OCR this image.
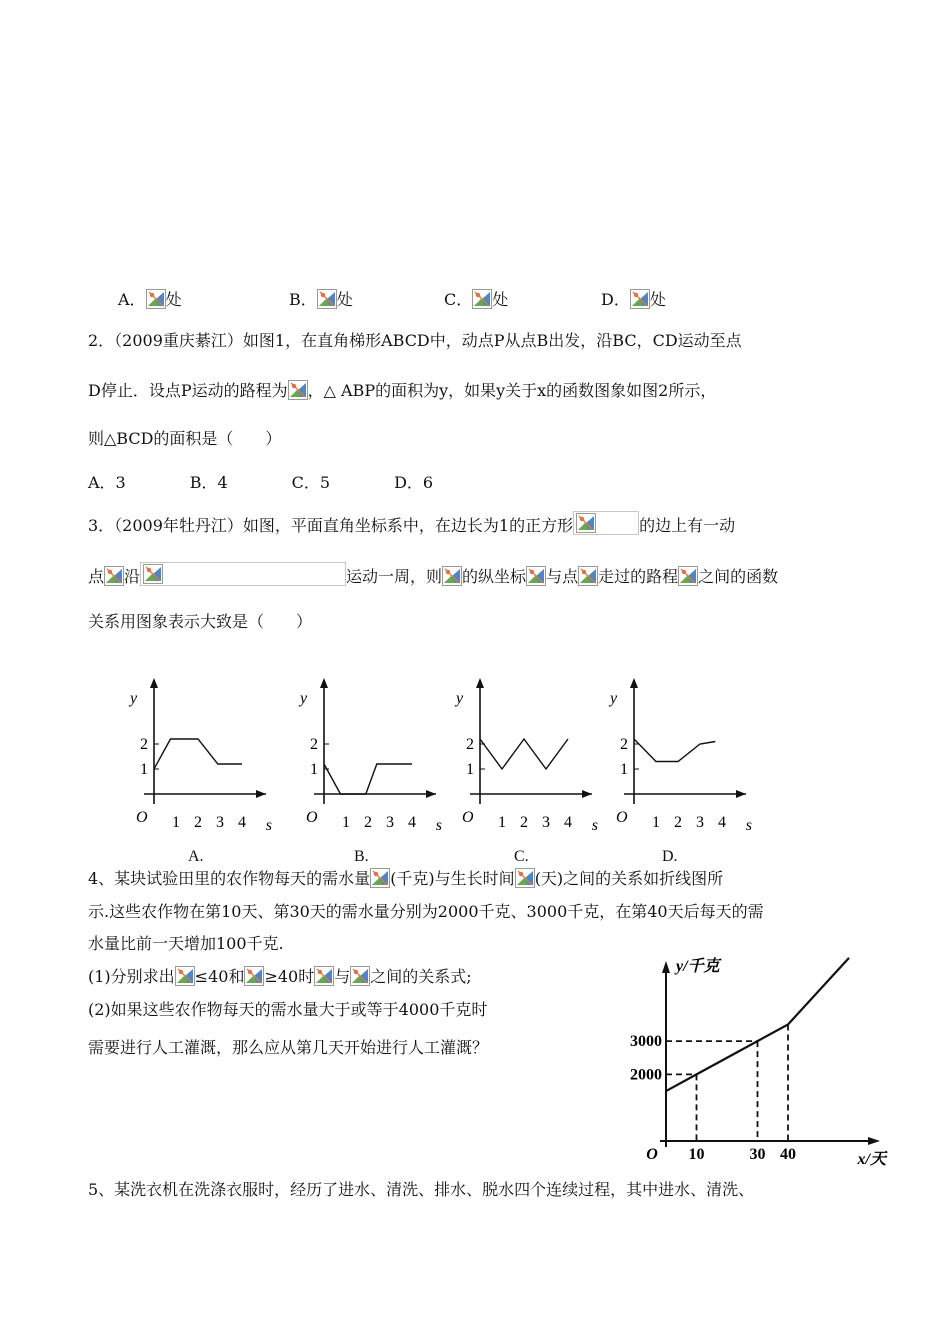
A． 处	B． 处	C． 处	D． 处
2．（2009重庆綦江）如图1，在直角梯形ABCD中，动点P从点B出发，沿BC，CD运动至点
D停止．设点P运动的路程为 ，△ ABP的面积为y，如果y关于x的函数图象如图2所示，
则△BCD的面积是（　　）
A．3　　　　B．4　　　　C．5　　　　D．6
3．（2009年牡丹江）如图，平面直角坐标系中，在边长为1的正方形	的边上有一动
点 沿	运动一周，则 的纵坐标 与点 走过的路程 之间的函数
关系用图象表示大致是（　　）
y
s
O 1 2 3 4
1
2
y
s
O 1 2 3 4
1
2
y
s
O 1 2 3 4
1
2
y
s
O 1 2 3 4
1
2
A.	B.	C.	D.
4、某块试验田里的农作物每天的需水量 (千克)与生长时间 (天)之间的关系如折线图所
示.这些农作物在第10天、第30天的需水量分别为2000千克、3000千克，在第40天后每天的需
水量比前一天增加100千克.
(1)分别求出 ≤40和 ≥40时 与 之间的关系式;
(2)如果这些农作物每天的需水量大于或等于4000千克时
需要进行人工灌溉，那么应从第几天开始进行人工灌溉？
y/千克
x/天
O 10	30 40
2000
3000
5、某洗衣机在洗涤衣服时，经历了进水、清洗、排水、脱水四个连续过程，其中进水、清洗、
